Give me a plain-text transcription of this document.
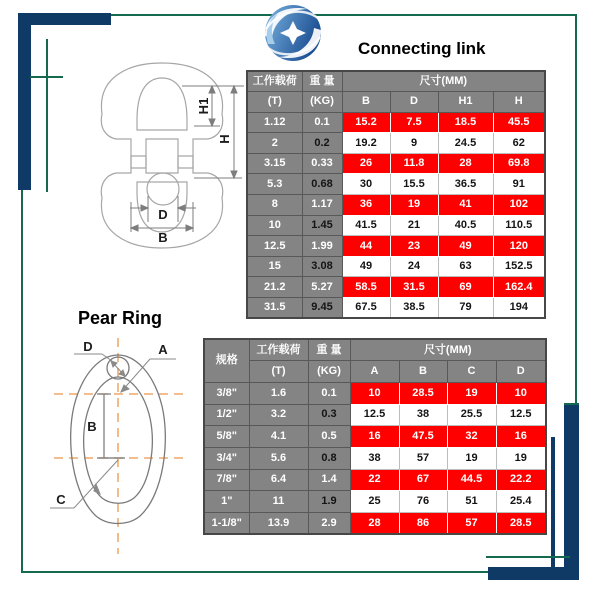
Connecting link
Pear Ring
H1
H
D
B
D	A
B
C
工作载荷	重 量	尺寸(MM)			
(T)	(KG)	B	D	H1	H
1.12	0.1	15.2	7.5	18.5	45.5
2	0.2	19.2	9	24.5	62
3.15	0.33	26	11.8	28	69.8
5.3	0.68	30	15.5	36.5	91
8	1.17	36	19	41	102
10	1.45	41.5	21	40.5	110.5
12.5	1.99	44	23	49	120
15	3.08	49	24	63	152.5
21.2	5.27	58.5	31.5	69	162.4
31.5	9.45	67.5	38.5	79	194
规格	工作载荷	重 量	尺寸(MM)			
	(T)	(KG)	A	B	C	D
3/8"	1.6	0.1	10	28.5	19	10
1/2"	3.2	0.3	12.5	38	25.5	12.5
5/8"	4.1	0.5	16	47.5	32	16
3/4"	5.6	0.8	38	57	19	19
7/8"	6.4	1.4	22	67	44.5	22.2
1"	11	1.9	25	76	51	25.4
1-1/8"	13.9	2.9	28	86	57	28.5
